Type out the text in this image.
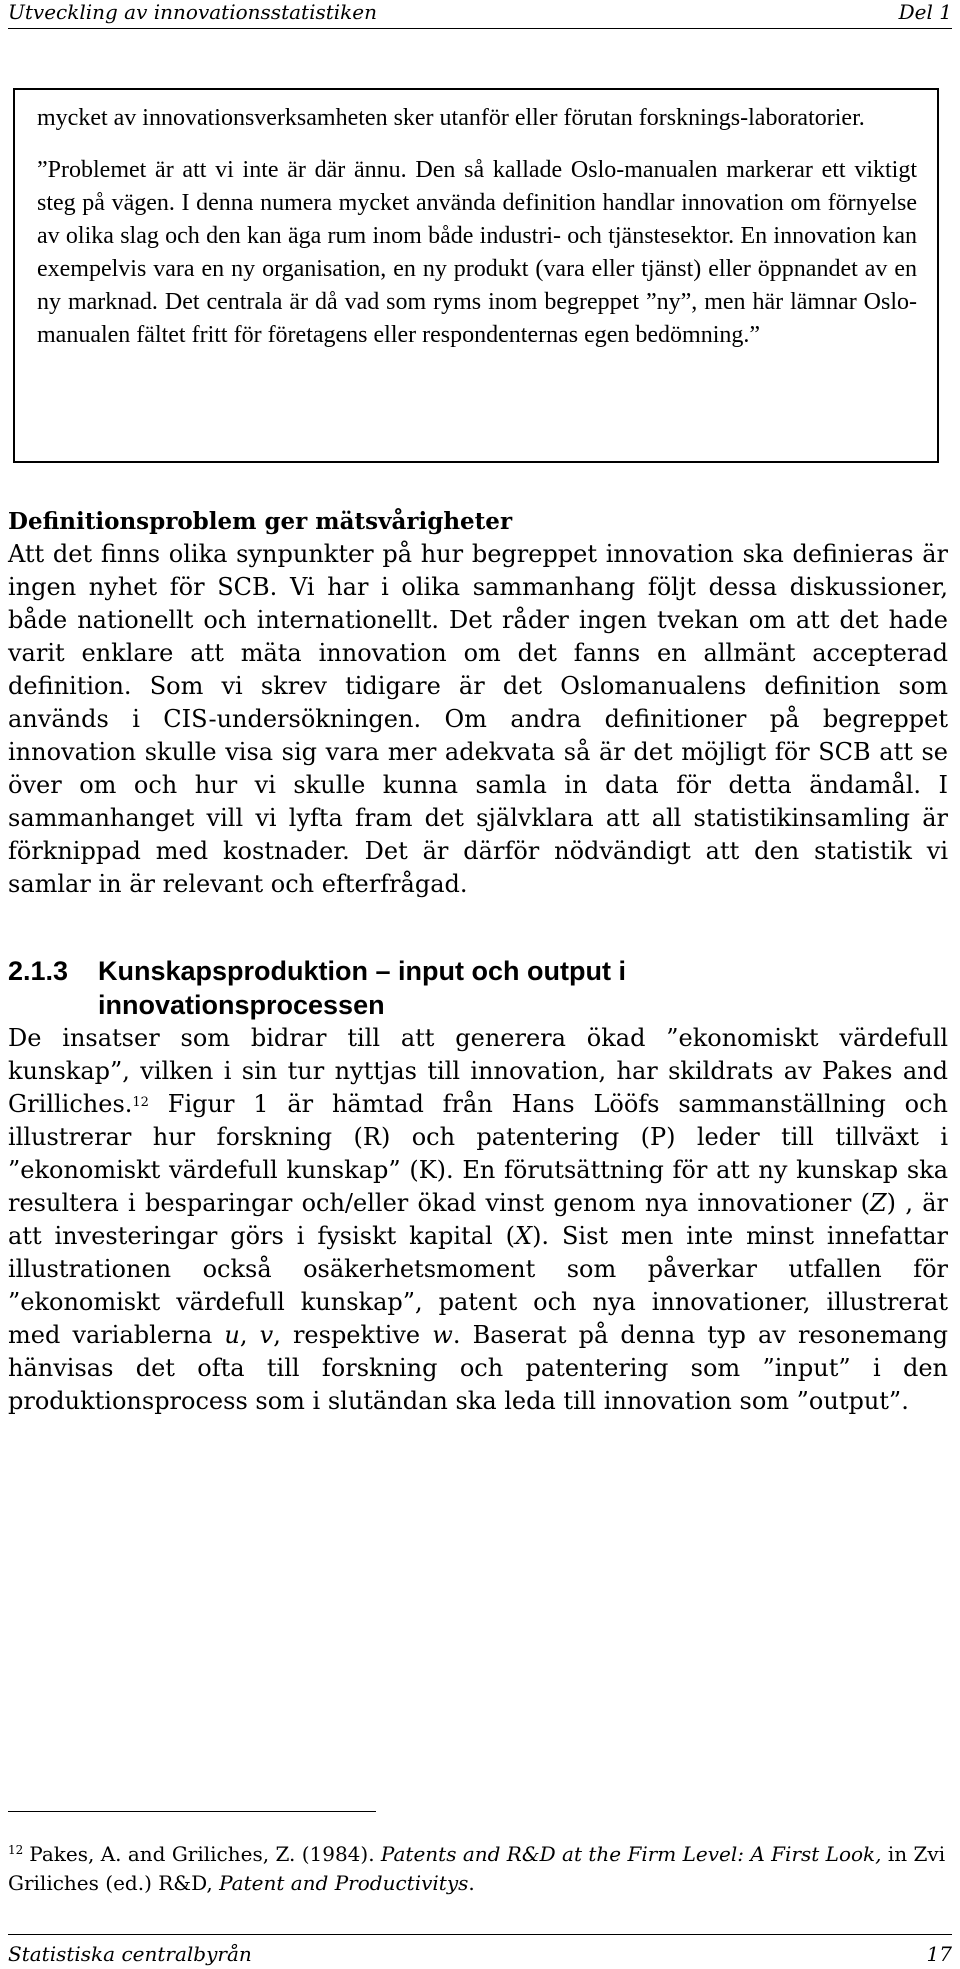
Utveckling av innovationsstatistiken	Del 1

mycket av innovationsverksamheten sker utanför eller förutan forsknings-laboratorier.

”Problemet är att vi inte är där ännu. Den så kallade Oslo-manualen markerar ett viktigt steg på vägen. I denna numera mycket använda definition handlar innovation om förnyelse av olika slag och den kan äga rum inom både industri- och tjänstesektor. En innovation kan exempelvis vara en ny organisation, en ny produkt (vara eller tjänst) eller öppnandet av en ny marknad. Det centrala är då vad som ryms inom begreppet ”ny”, men här lämnar Oslo-manualen fältet fritt för företagens eller respondenternas egen bedömning.”

Definitionsproblem ger mätsvårigheter

Att det finns olika synpunkter på hur begreppet innovation ska definieras är ingen nyhet för SCB. Vi har i olika sammanhang följt dessa diskussioner, både nationellt och internationellt. Det råder ingen tvekan om att det hade varit enklare att mäta innovation om det fanns en allmänt accepterad definition. Som vi skrev tidigare är det Oslomanualens definition som används i CIS-undersökningen. Om andra definitioner på begreppet innovation skulle visa sig vara mer adekvata så är det möjligt för SCB att se över om och hur vi skulle kunna samla in data för detta ändamål. I sammanhanget vill vi lyfta fram det självklara att all statistikinsamling är förknippad med kostnader. Det är därför nödvändigt att den statistik vi samlar in är relevant och efterfrågad.

2.1.3 Kunskapsproduktion – input och output i
innovationsprocessen

De insatser som bidrar till att generera ökad ”ekonomiskt värdefull kunskap”, vilken i sin tur nyttjas till innovation, har skildrats av Pakes and Grilliches.$^{12}$ Figur 1 är hämtad från Hans Lööfs sammanställning och illustrerar hur forskning (R) och patentering (P) leder till tillväxt i ”ekonomiskt värdefull kunskap” (K). En förutsättning för att ny kunskap ska resultera i besparingar och/eller ökad vinst genom nya innovationer (Z) , är att investeringar görs i fysiskt kapital (X). Sist men inte minst innefattar illustrationen också osäkerhetsmoment som påverkar utfallen för ”ekonomiskt värdefull kunskap”, patent och nya innovationer, illustrerat med variablerna u, v, respektive w. Baserat på denna typ av resonemang hänvisas det ofta till forskning och patentering som ”input” i den produktionsprocess som i slutändan ska leda till innovation som ”output”.

$^{12}$ Pakes, A. and Griliches, Z. (1984). Patents and R&D at the Firm Level: A First Look, in Zvi Griliches (ed.) R&D, Patent and Productivitys.

Statistiska centralbyrån	17
